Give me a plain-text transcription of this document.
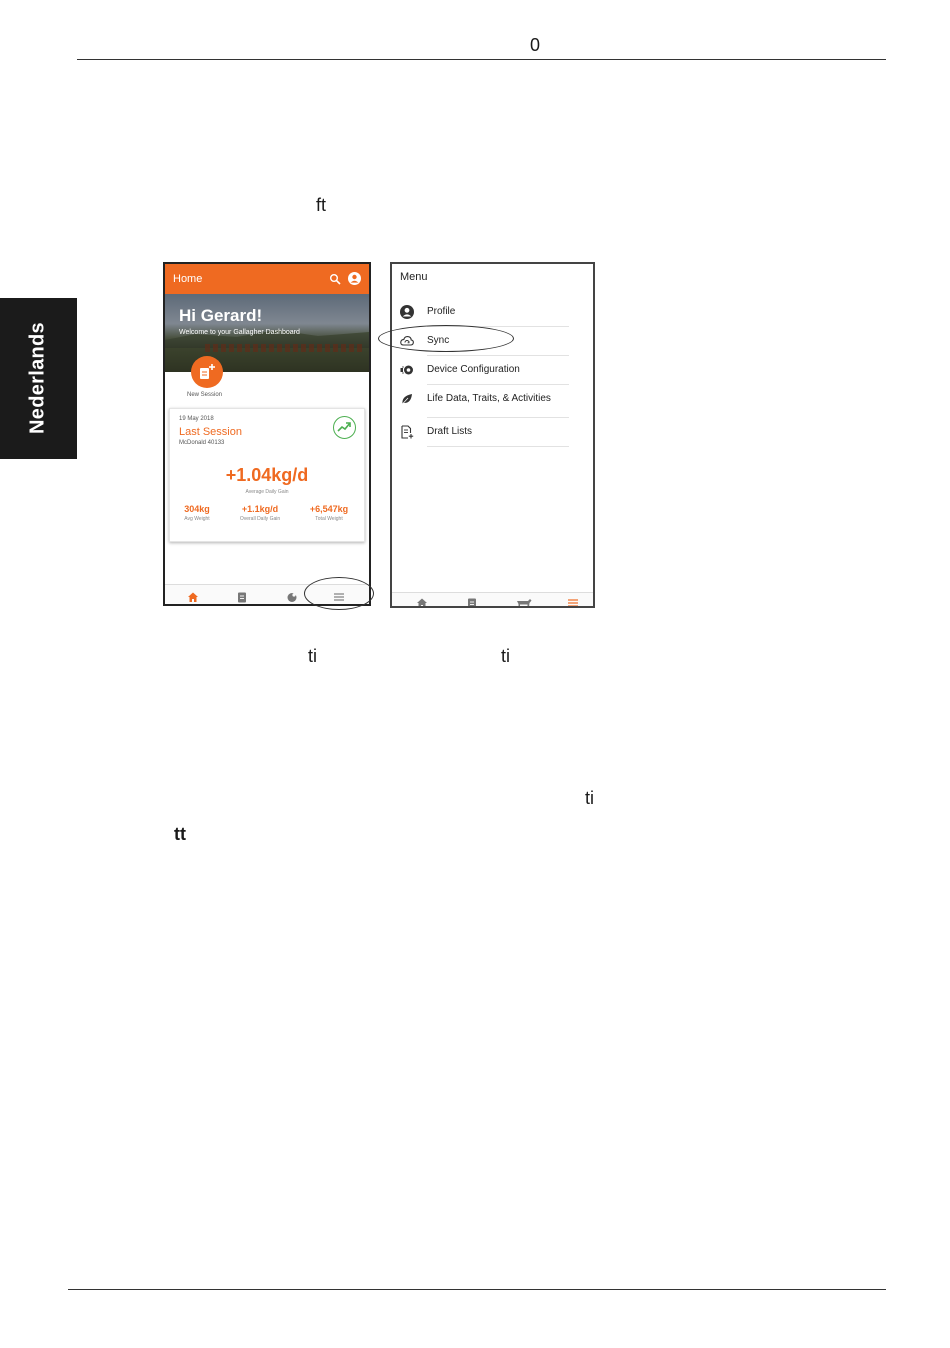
0
Nederlands
ft
Home
Hi Gerard!
Welcome to your Gallagher Dashboard
New Session
19 May 2018
Last Session
McDonald 40133
+1.04kg/d
Average Daily Gain
304kg
Avg Weight
+1.1kg/d
Overall Daily Gain
+6,547kg
Total Weight
Menu
Profile
Sync
Device Configuration
Life Data, Traits, & Activities
Draft Lists
ti	ti
ti
tt
